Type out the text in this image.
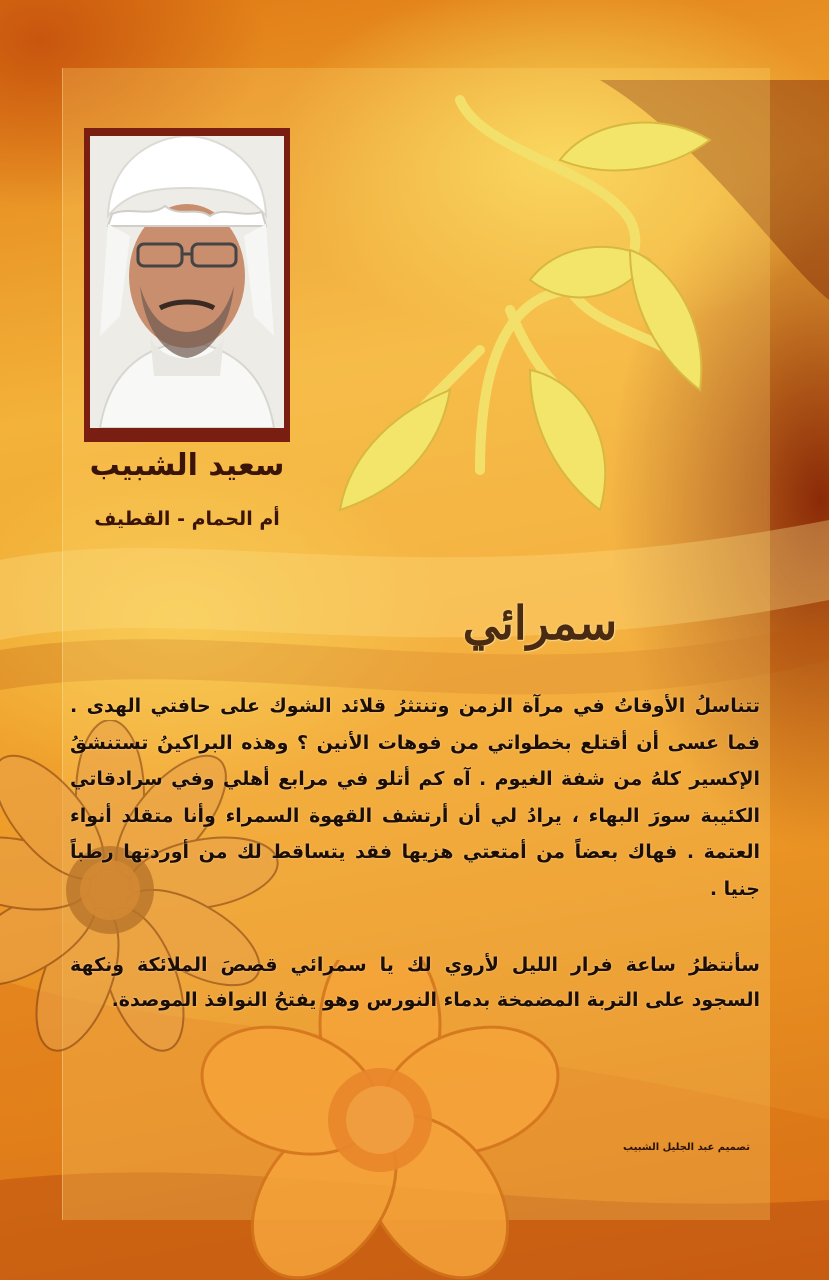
سعيد الشبيب
أم الحمام - القطيف
سمرائي
تتناسلُ الأوقاتُ في مرآة الزمن وتنتثرُ قلائد الشوك على حافتي الهدى . فما عسى أن أقتلع بخطواتي من فوهات الأنين ؟ وهذه البراكينُ تستنشقُ الإكسير كلهُ من شفة الغيوم . آه كم أتلو في مرابع أهلي وفي سرادقاتي الكئيبة سورَ البهاء ، يرادُ لي أن أرتشف القهوة السمراء وأنا متقلد أنواء العتمة . فهاك بعضاً من أمتعتي هزيها فقد يتساقط لك من أوردتها رطباً جنيا .
سأنتظرُ ساعة فرار الليل لأروي لك يا سمرائي قصصَ الملائكة ونكهة السجود على التربة المضمخة بدماء النورس وهو يفتحُ النوافذ الموصدة.
تصميم عبد الجليل الشبيب
